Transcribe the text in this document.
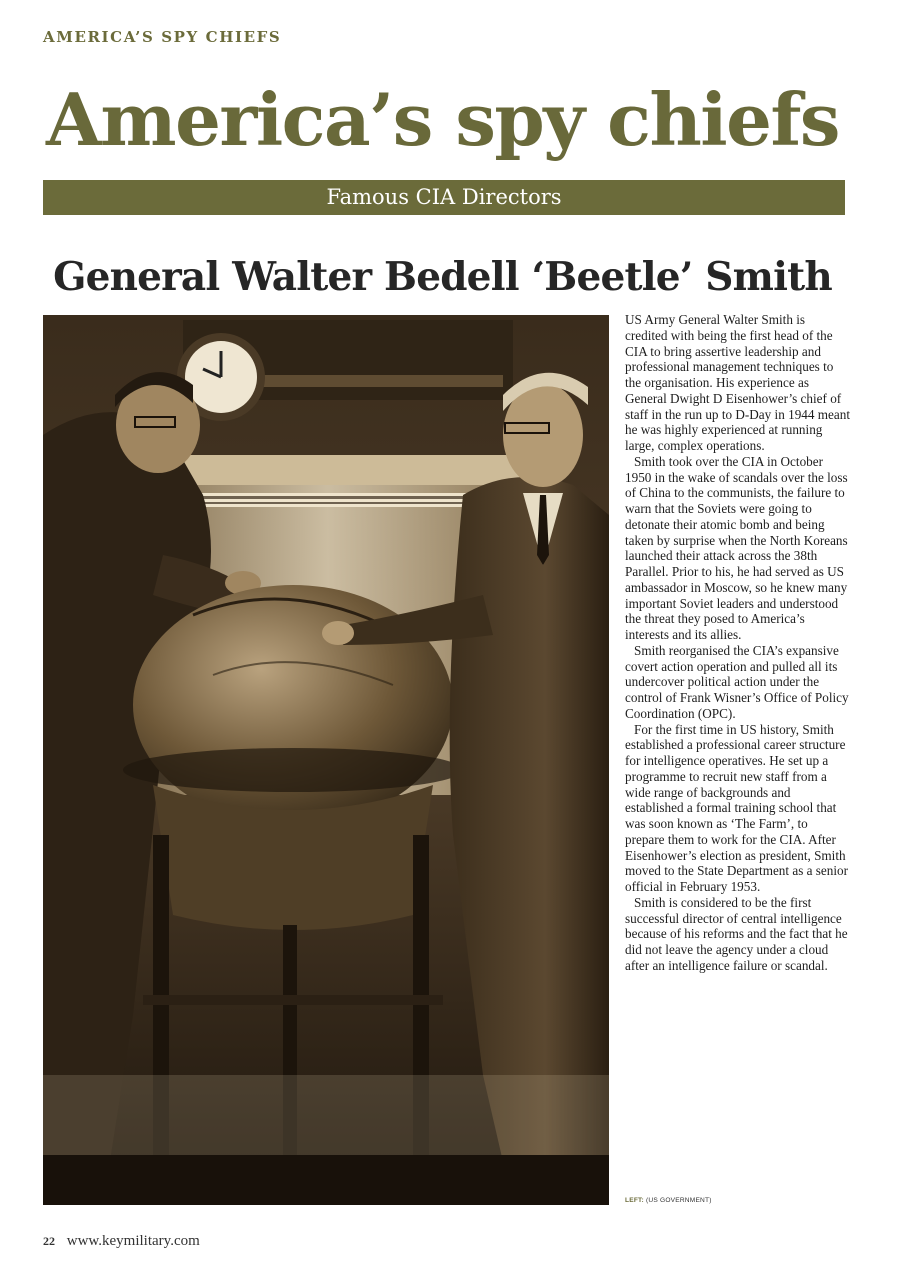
AMERICA’S SPY CHIEFS
America’s spy chiefs
Famous CIA Directors
General Walter Bedell ‘Beetle’ Smith

US Army General Walter Smith is credited with being the first head of the CIA to bring assertive leadership and professional management techniques to the organisation. His experience as General Dwight D Eisenhower’s chief of staff in the run up to D-Day in 1944 meant he was highly experienced at running large, complex operations.

Smith took over the CIA in October 1950 in the wake of scandals over the loss of China to the communists, the failure to warn that the Soviets were going to detonate their atomic bomb and being taken by surprise when the North Koreans launched their attack across the 38th Parallel. Prior to his, he had served as US ambassador in Moscow, so he knew many important Soviet leaders and understood the threat they posed to America’s interests and its allies.

Smith reorganised the CIA’s expansive covert action operation and pulled all its undercover political action under the control of Frank Wisner’s Office of Policy Coordination (OPC).

For the first time in US history, Smith established a professional career structure for intelligence operatives. He set up a programme to recruit new staff from a wide range of backgrounds and established a formal training school that was soon known as ‘The Farm’, to prepare them to work for the CIA. After Eisenhower’s election as president, Smith moved to the State Department as a senior official in February 1953.

Smith is considered to be the first successful director of central intelligence because of his reforms and the fact that he did not leave the agency under a cloud after an intelligence failure or scandal.

LEFT: (US GOVERNMENT)
22 www.keymilitary.com
